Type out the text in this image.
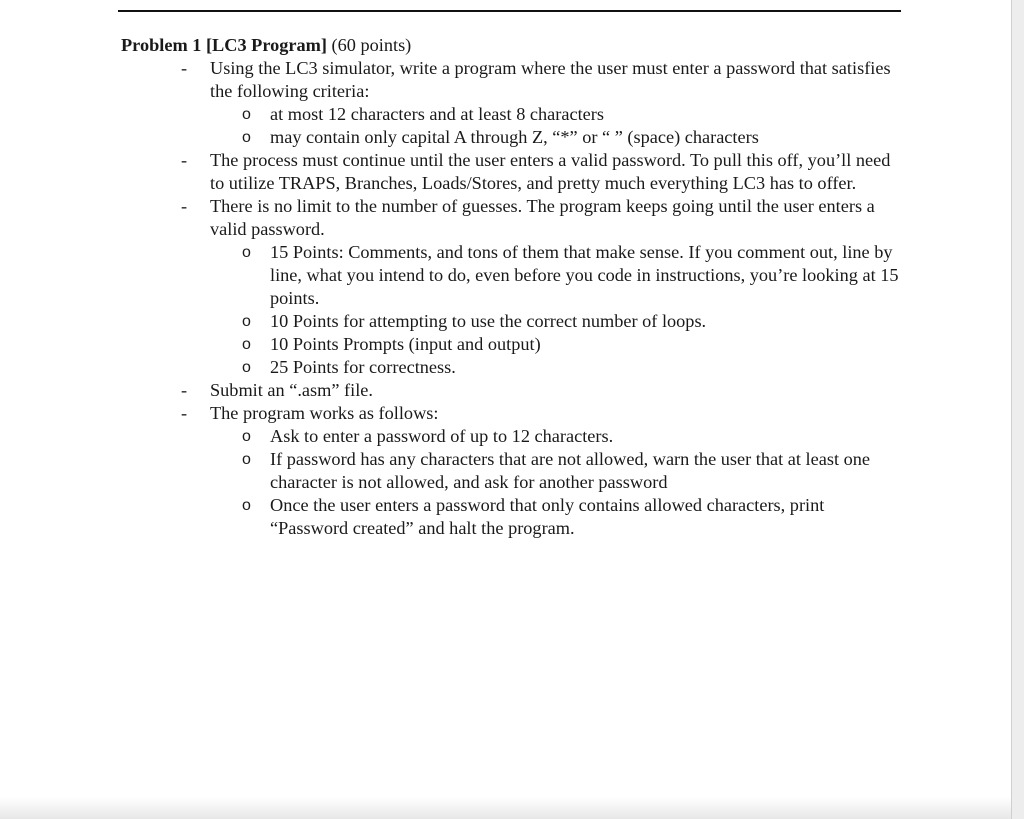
Problem 1 [LC3 Program] (60 points)
- Using the LC3 simulator, write a program where the user must enter a password that satisfies the following criteria:
o at most 12 characters and at least 8 characters
o may contain only capital A through Z, “*” or “ ” (space) characters
- The process must continue until the user enters a valid password. To pull this off, you’ll need to utilize TRAPS, Branches, Loads/Stores, and pretty much everything LC3 has to offer.
- There is no limit to the number of guesses. The program keeps going until the user enters a valid password.
o 15 Points: Comments, and tons of them that make sense. If you comment out, line by line, what you intend to do, even before you code in instructions, you’re looking at 15 points.
o 10 Points for attempting to use the correct number of loops.
o 10 Points Prompts (input and output)
o 25 Points for correctness.
- Submit an “.asm” file.
- The program works as follows:
o Ask to enter a password of up to 12 characters.
o If password has any characters that are not allowed, warn the user that at least one character is not allowed, and ask for another password
o Once the user enters a password that only contains allowed characters, print “Password created” and halt the program.
